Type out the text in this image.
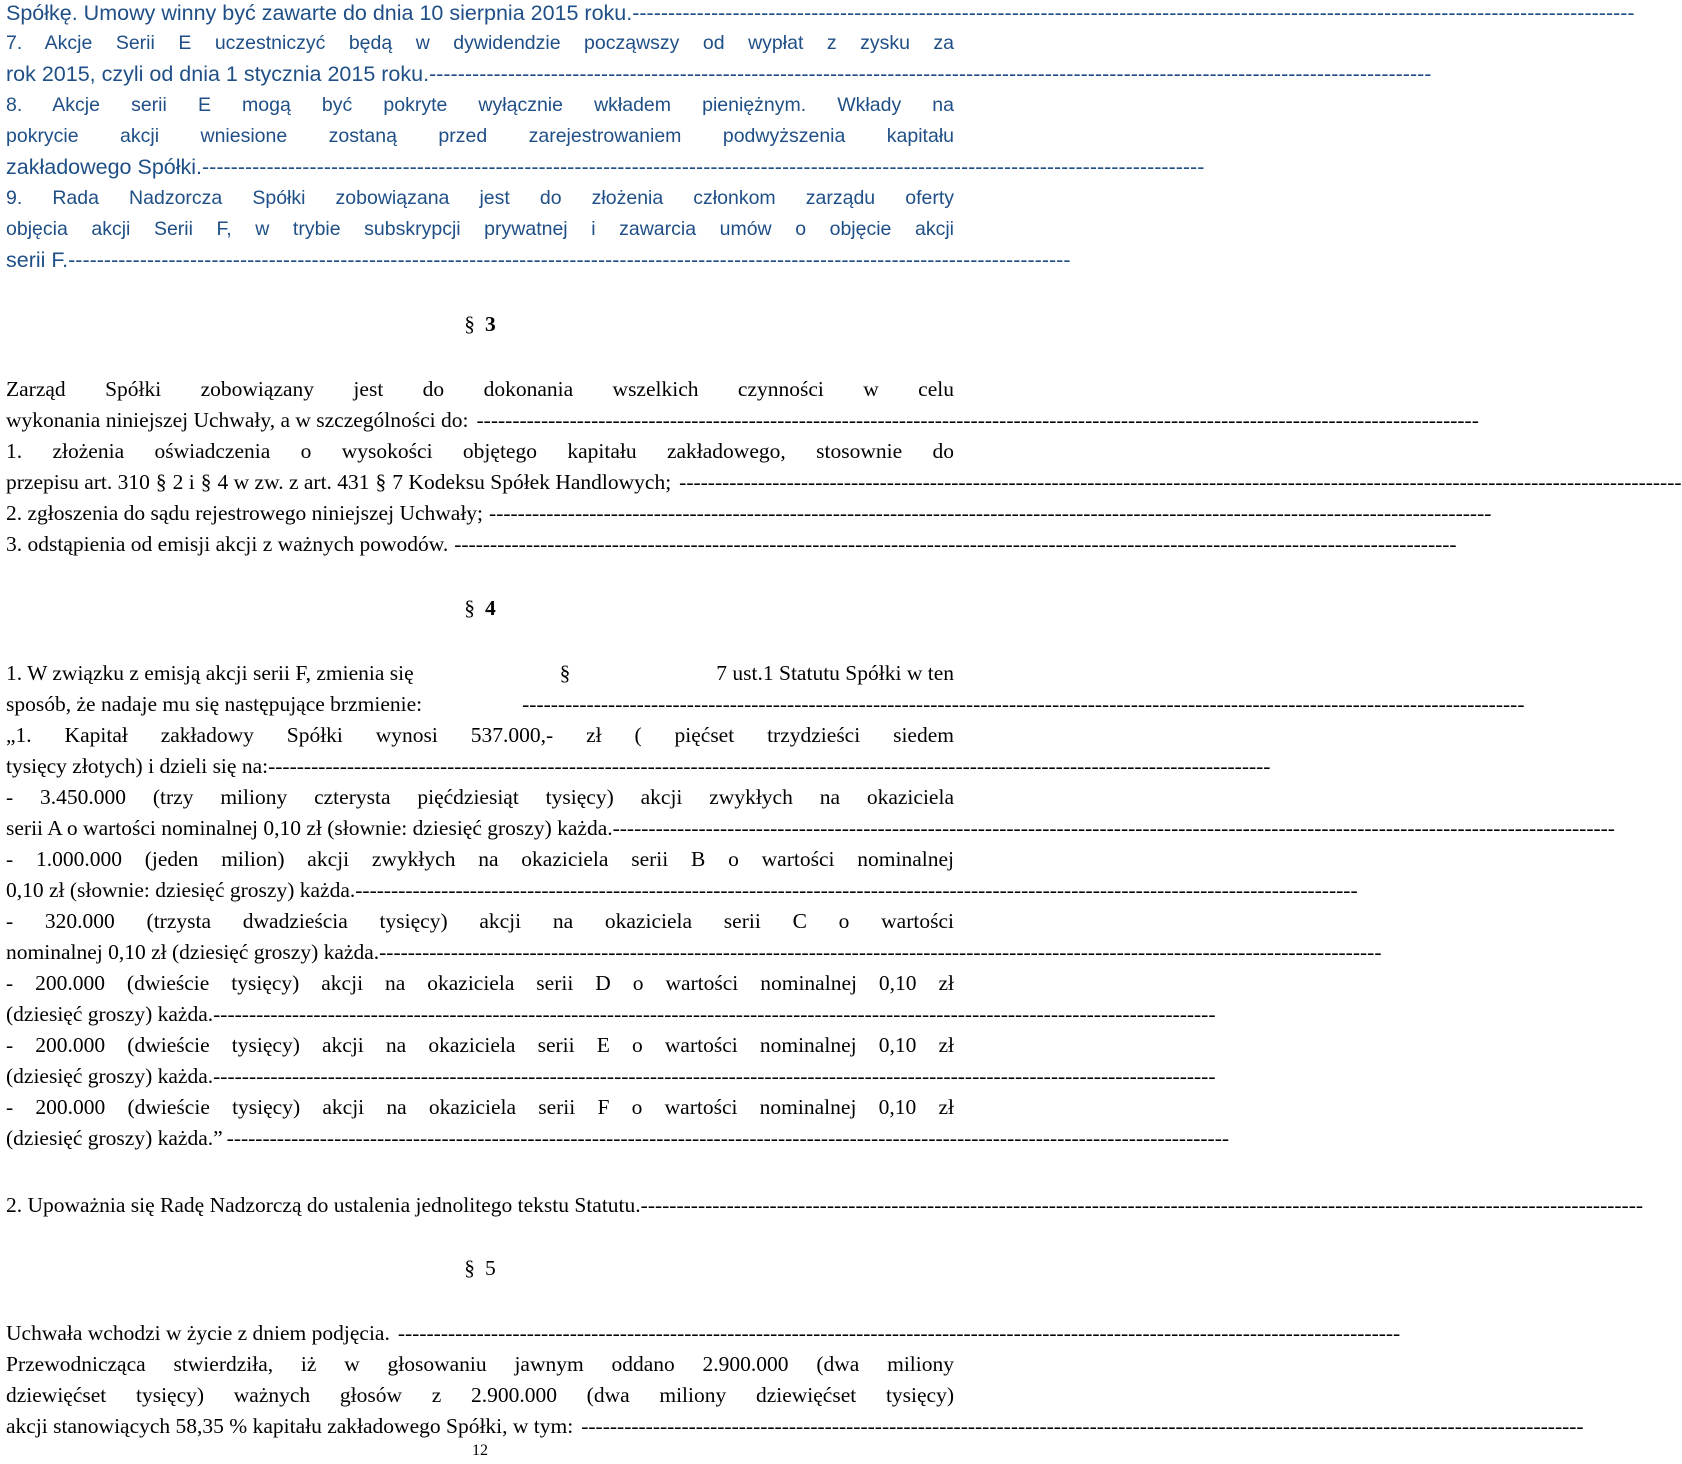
Spółkę. Umowy winny być zawarte do dnia 10 sierpnia 2015 roku. --------------------------------------------------------------------------------------------------------------------------------------------

7. Akcje Serii E uczestniczyć będą w dywidendzie począwszy od wypłat z zysku za

rok 2015, czyli od dnia 1 stycznia 2015 roku. --------------------------------------------------------------------------------------------------------------------------------------------

8. Akcje serii E mogą być pokryte wyłącznie wkładem pieniężnym. Wkłady na

pokrycie akcji wniesione zostaną przed zarejestrowaniem podwyższenia kapitału

zakładowego Spółki. --------------------------------------------------------------------------------------------------------------------------------------------

9. Rada Nadzorcza Spółki zobowiązana jest do złożenia członkom zarządu oferty

objęcia akcji Serii F, w trybie subskrypcji prywatnej i zawarcia umów o objęcie akcji

serii F. --------------------------------------------------------------------------------------------------------------------------------------------
§ 3

Zarząd Spółki zobowiązany jest do dokonania wszelkich czynności w celu

wykonania niniejszej Uchwały, a w szczególności do: --------------------------------------------------------------------------------------------------------------------------------------------

1. złożenia oświadczenia o wysokości objętego kapitału zakładowego, stosownie do

przepisu art. 310 § 2 i § 4 w zw. z art. 431 § 7 Kodeksu Spółek Handlowych; --------------------------------------------------------------------------------------------------------------------------------------------
2. zgłoszenia do sądu rejestrowego niniejszej Uchwały; --------------------------------------------------------------------------------------------------------------------------------------------
3. odstąpienia od emisji akcji z ważnych powodów. --------------------------------------------------------------------------------------------------------------------------------------------
§ 4
1. W związku z emisją akcji serii F, zmienia się	§	7 ust.1 Statutu Spółki w ten
sposób, że nadaje mu się następujące brzmienie:	--------------------------------------------------------------------------------------------------------------------------------------------

„1. Kapitał zakładowy Spółki wynosi 537.000,- zł ( pięćset trzydzieści siedem

tysięcy złotych) i dzieli się na: --------------------------------------------------------------------------------------------------------------------------------------------

- 3.450.000 (trzy miliony czterysta pięćdziesiąt tysięcy) akcji zwykłych na okaziciela

serii A o wartości nominalnej 0,10 zł (słownie: dziesięć groszy) każda. --------------------------------------------------------------------------------------------------------------------------------------------

- 1.000.000 (jeden milion) akcji zwykłych na okaziciela serii B o wartości nominalnej

0,10 zł (słownie: dziesięć groszy) każda. --------------------------------------------------------------------------------------------------------------------------------------------

- 320.000 (trzysta dwadzieścia tysięcy) akcji na okaziciela serii C o wartości

nominalnej 0,10 zł (dziesięć groszy) każda. --------------------------------------------------------------------------------------------------------------------------------------------

- 200.000 (dwieście tysięcy) akcji na okaziciela serii D o wartości nominalnej 0,10 zł

(dziesięć groszy) każda. --------------------------------------------------------------------------------------------------------------------------------------------

- 200.000 (dwieście tysięcy) akcji na okaziciela serii E o wartości nominalnej 0,10 zł

(dziesięć groszy) każda. --------------------------------------------------------------------------------------------------------------------------------------------

- 200.000 (dwieście tysięcy) akcji na okaziciela serii F o wartości nominalnej 0,10 zł

(dziesięć groszy) każda.” --------------------------------------------------------------------------------------------------------------------------------------------
2. Upoważnia się Radę Nadzorczą do ustalenia jednolitego tekstu Statutu. --------------------------------------------------------------------------------------------------------------------------------------------
§ 5
Uchwała wchodzi w życie z dniem podjęcia. --------------------------------------------------------------------------------------------------------------------------------------------

Przewodnicząca stwierdziła, iż w głosowaniu jawnym oddano 2.900.000 (dwa miliony

dziewięćset tysięcy) ważnych głosów z 2.900.000 (dwa miliony dziewięćset tysięcy)

akcji stanowiących 58,35 % kapitału zakładowego Spółki, w tym: --------------------------------------------------------------------------------------------------------------------------------------------
12
